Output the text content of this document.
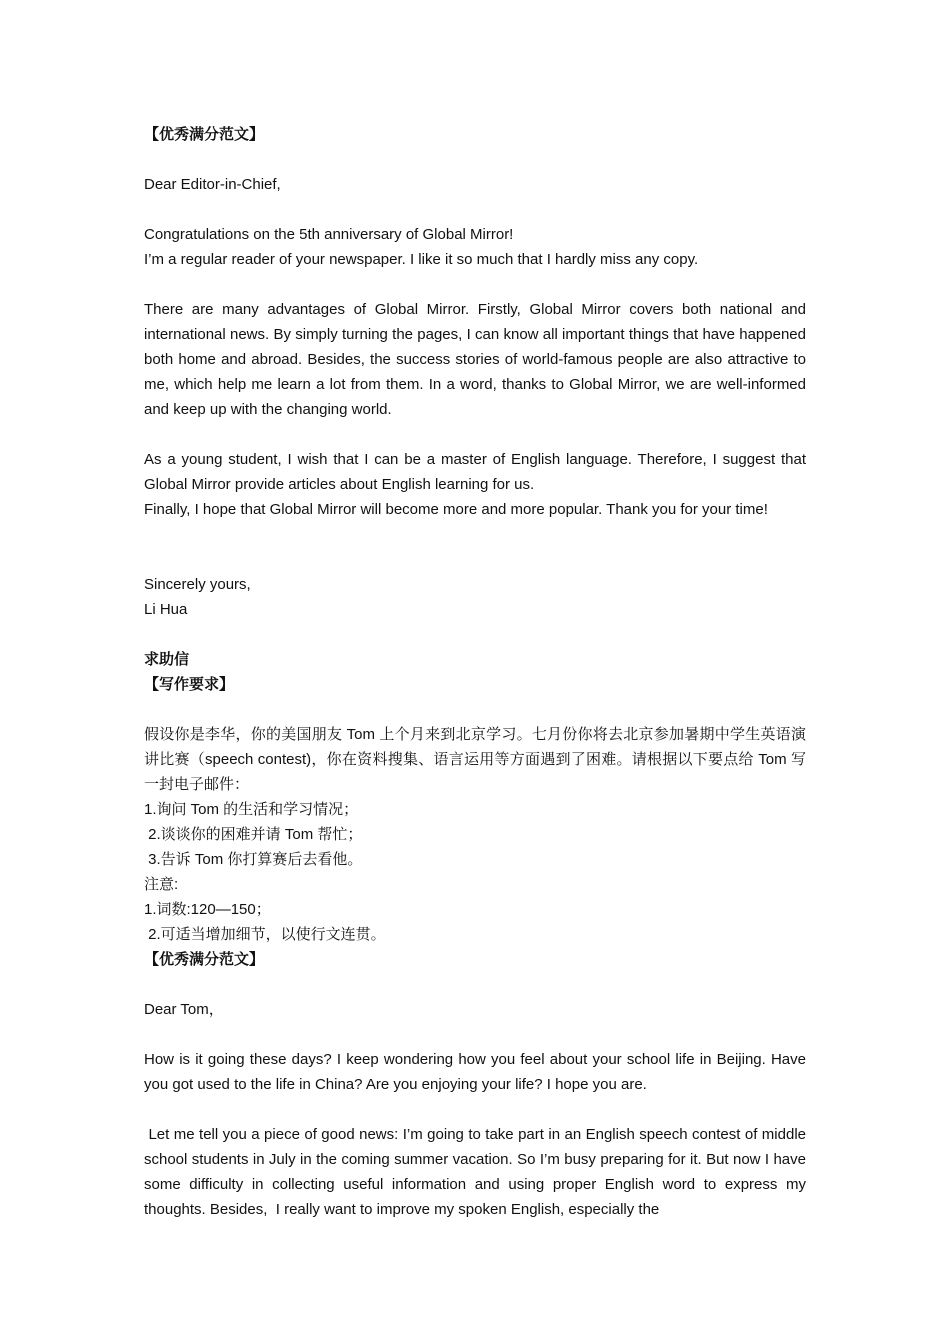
【优秀满分范文】

Dear Editor-in-Chief,

Congratulations on the 5th anniversary of Global Mirror!

I’m a regular reader of your newspaper. I like it so much that I hardly miss any copy.

There are many advantages of Global Mirror. Firstly, Global Mirror covers both national and international news. By simply turning the pages, I can know all important things that have happened both home and abroad. Besides, the success stories of world-famous people are also attractive to me, which help me learn a lot from them. In a word, thanks to Global Mirror, we are well-informed and keep up with the changing world.

As a young student, I wish that I can be a master of English language. Therefore, I suggest that Global Mirror provide articles about English learning for us.

Finally, I hope that Global Mirror will become more and more popular. Thank you for your time!

Sincerely yours,

Li Hua

求助信

【写作要求】

假设你是李华，你的美国朋友 Tom 上个月来到北京学习。七月份你将去北京参加暑期中学生英语演讲比赛（speech contest)，你在资料搜集、语言运用等方面遇到了困难。请根据以下要点给 Tom 写一封电子邮件：

1.询问 Tom 的生活和学习情况；

2.谈谈你的困难并请 Tom 帮忙；

3.告诉 Tom 你打算赛后去看他。

注意:

1.词数:120—150；

2.可适当增加细节，以使行文连贯。

【优秀满分范文】

Dear Tom，

How is it going these days? I keep wondering how you feel about your school life in Beijing. Have you got used to the life in China? Are you enjoying your life? I hope you are.

Let me tell you a piece of good news: I’m going to take part in an English speech contest of middle school students in July in the coming summer vacation. So I’m busy preparing for it. But now I have some difficulty in collecting useful information and using proper English word to express my thoughts. Besides,  I really want to improve my spoken English, especially the
